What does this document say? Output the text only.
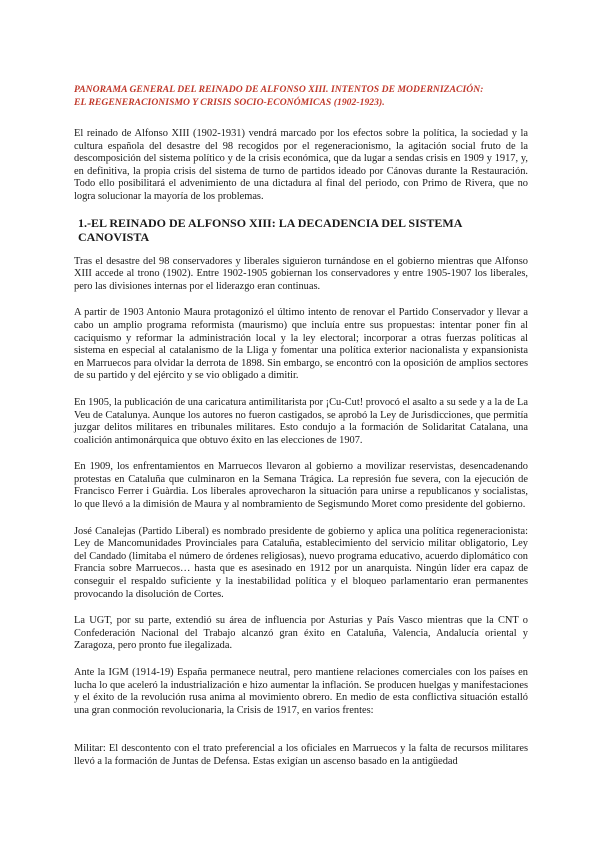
PANORAMA GENERAL DEL REINADO DE ALFONSO XIII. INTENTOS DE MODERNIZACIÓN:
EL REGENERACIONISMO Y CRISIS SOCIO-ECONÓMICAS (1902-1923).

El reinado de Alfonso XIII (1902-1931) vendrá marcado por los efectos sobre la política, la sociedad y la cultura española del desastre del 98 recogidos por el regeneracionismo, la agitación social fruto de la descomposición del sistema político y de la crisis económica, que da lugar a sendas crisis en 1909 y 1917, y, en definitiva, la propia crisis del sistema de turno de partidos ideado por Cánovas durante la Restauración. Todo ello posibilitará el advenimiento de una dictadura al final del periodo, con Primo de Rivera, que no logra solucionar la mayoría de los problemas.

1.-EL REINADO DE ALFONSO XIII: LA DECADENCIA DEL SISTEMA CANOVISTA

Tras el desastre del 98 conservadores y liberales siguieron turnándose en el gobierno mientras que Alfonso XIII accede al trono (1902). Entre 1902-1905 gobiernan los conservadores y entre 1905-1907 los liberales, pero las divisiones internas por el liderazgo eran continuas.

A partir de 1903 Antonio Maura protagonizó el último intento de renovar el Partido Conservador y llevar a cabo un amplio programa reformista (maurismo) que incluía entre sus propuestas: intentar poner fin al caciquismo y reformar la administración local y la ley electoral; incorporar a otras fuerzas políticas al sistema en especial al catalanismo de la Lliga y fomentar una política exterior nacionalista y expansionista en Marruecos para olvidar la derrota de 1898. Sin embargo, se encontró con la oposición de amplios sectores de su partido y del ejército y se vio obligado a dimitir.

En 1905, la publicación de una caricatura antimilitarista por ¡Cu-Cut! provocó el asalto a su sede y a la de La Veu de Catalunya. Aunque los autores no fueron castigados, se aprobó la Ley de Jurisdicciones, que permitía juzgar delitos militares en tribunales militares. Esto condujo a la formación de Solidaritat Catalana, una coalición antimonárquica que obtuvo éxito en las elecciones de 1907.

En 1909, los enfrentamientos en Marruecos llevaron al gobierno a movilizar reservistas, desencadenando protestas en Cataluña que culminaron en la Semana Trágica. La represión fue severa, con la ejecución de Francisco Ferrer i Guàrdia. Los liberales aprovecharon la situación para unirse a republicanos y socialistas, lo que llevó a la dimisión de Maura y al nombramiento de Segismundo Moret como presidente del gobierno.

José Canalejas (Partido Liberal) es nombrado presidente de gobierno y aplica una política regeneracionista: Ley de Mancomunidades Provinciales para Cataluña, establecimiento del servicio militar obligatorio, Ley del Candado (limitaba el número de órdenes religiosas), nuevo programa educativo, acuerdo diplomático con Francia sobre Marruecos… hasta que es asesinado en 1912 por un anarquista. Ningún líder era capaz de conseguir el respaldo suficiente y la inestabilidad política y el bloqueo parlamentario eran permanentes provocando la disolución de Cortes.

La UGT, por su parte, extendió su área de influencia por Asturias y País Vasco mientras que la CNT o Confederación Nacional del Trabajo alcanzó gran éxito en Cataluña, Valencia, Andalucía oriental y Zaragoza, pero pronto fue ilegalizada.

Ante la IGM (1914-19) España permanece neutral, pero mantiene relaciones comerciales con los países en lucha lo que aceleró la industrialización e hizo aumentar la inflación. Se producen huelgas y manifestaciones y el éxito de la revolución rusa anima al movimiento obrero. En medio de esta conflictiva situación estalló una gran conmoción revolucionaria, la Crisis de 1917, en varios frentes:

Militar: El descontento con el trato preferencial a los oficiales en Marruecos y la falta de recursos militares llevó a la formación de Juntas de Defensa. Estas exigían un ascenso basado en la antigüedad
